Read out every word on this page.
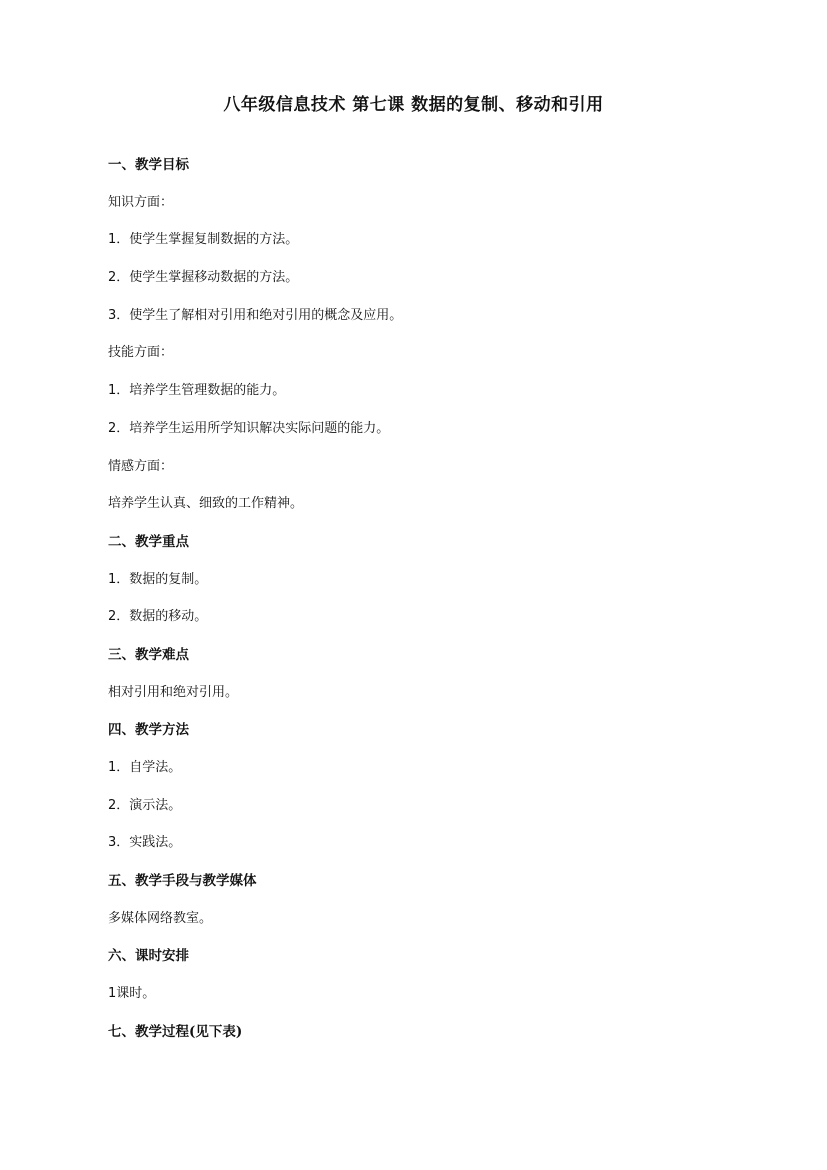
八年级信息技术 第七课 数据的复制、移动和引用
一、教学目标
知识方面：
1．使学生掌握复制数据的方法。
2．使学生掌握移动数据的方法。
3．使学生了解相对引用和绝对引用的概念及应用。
技能方面：
1．培养学生管理数据的能力。
2．培养学生运用所学知识解决实际问题的能力。
情感方面：
培养学生认真、细致的工作精神。
二、教学重点
1．数据的复制。
2．数据的移动。
三、教学难点
相对引用和绝对引用。
四、教学方法
1．自学法。
2．演示法。
3．实践法。
五、教学手段与教学媒体
多媒体网络教室。
六、课时安排
1课时。
七、教学过程(见下表)
